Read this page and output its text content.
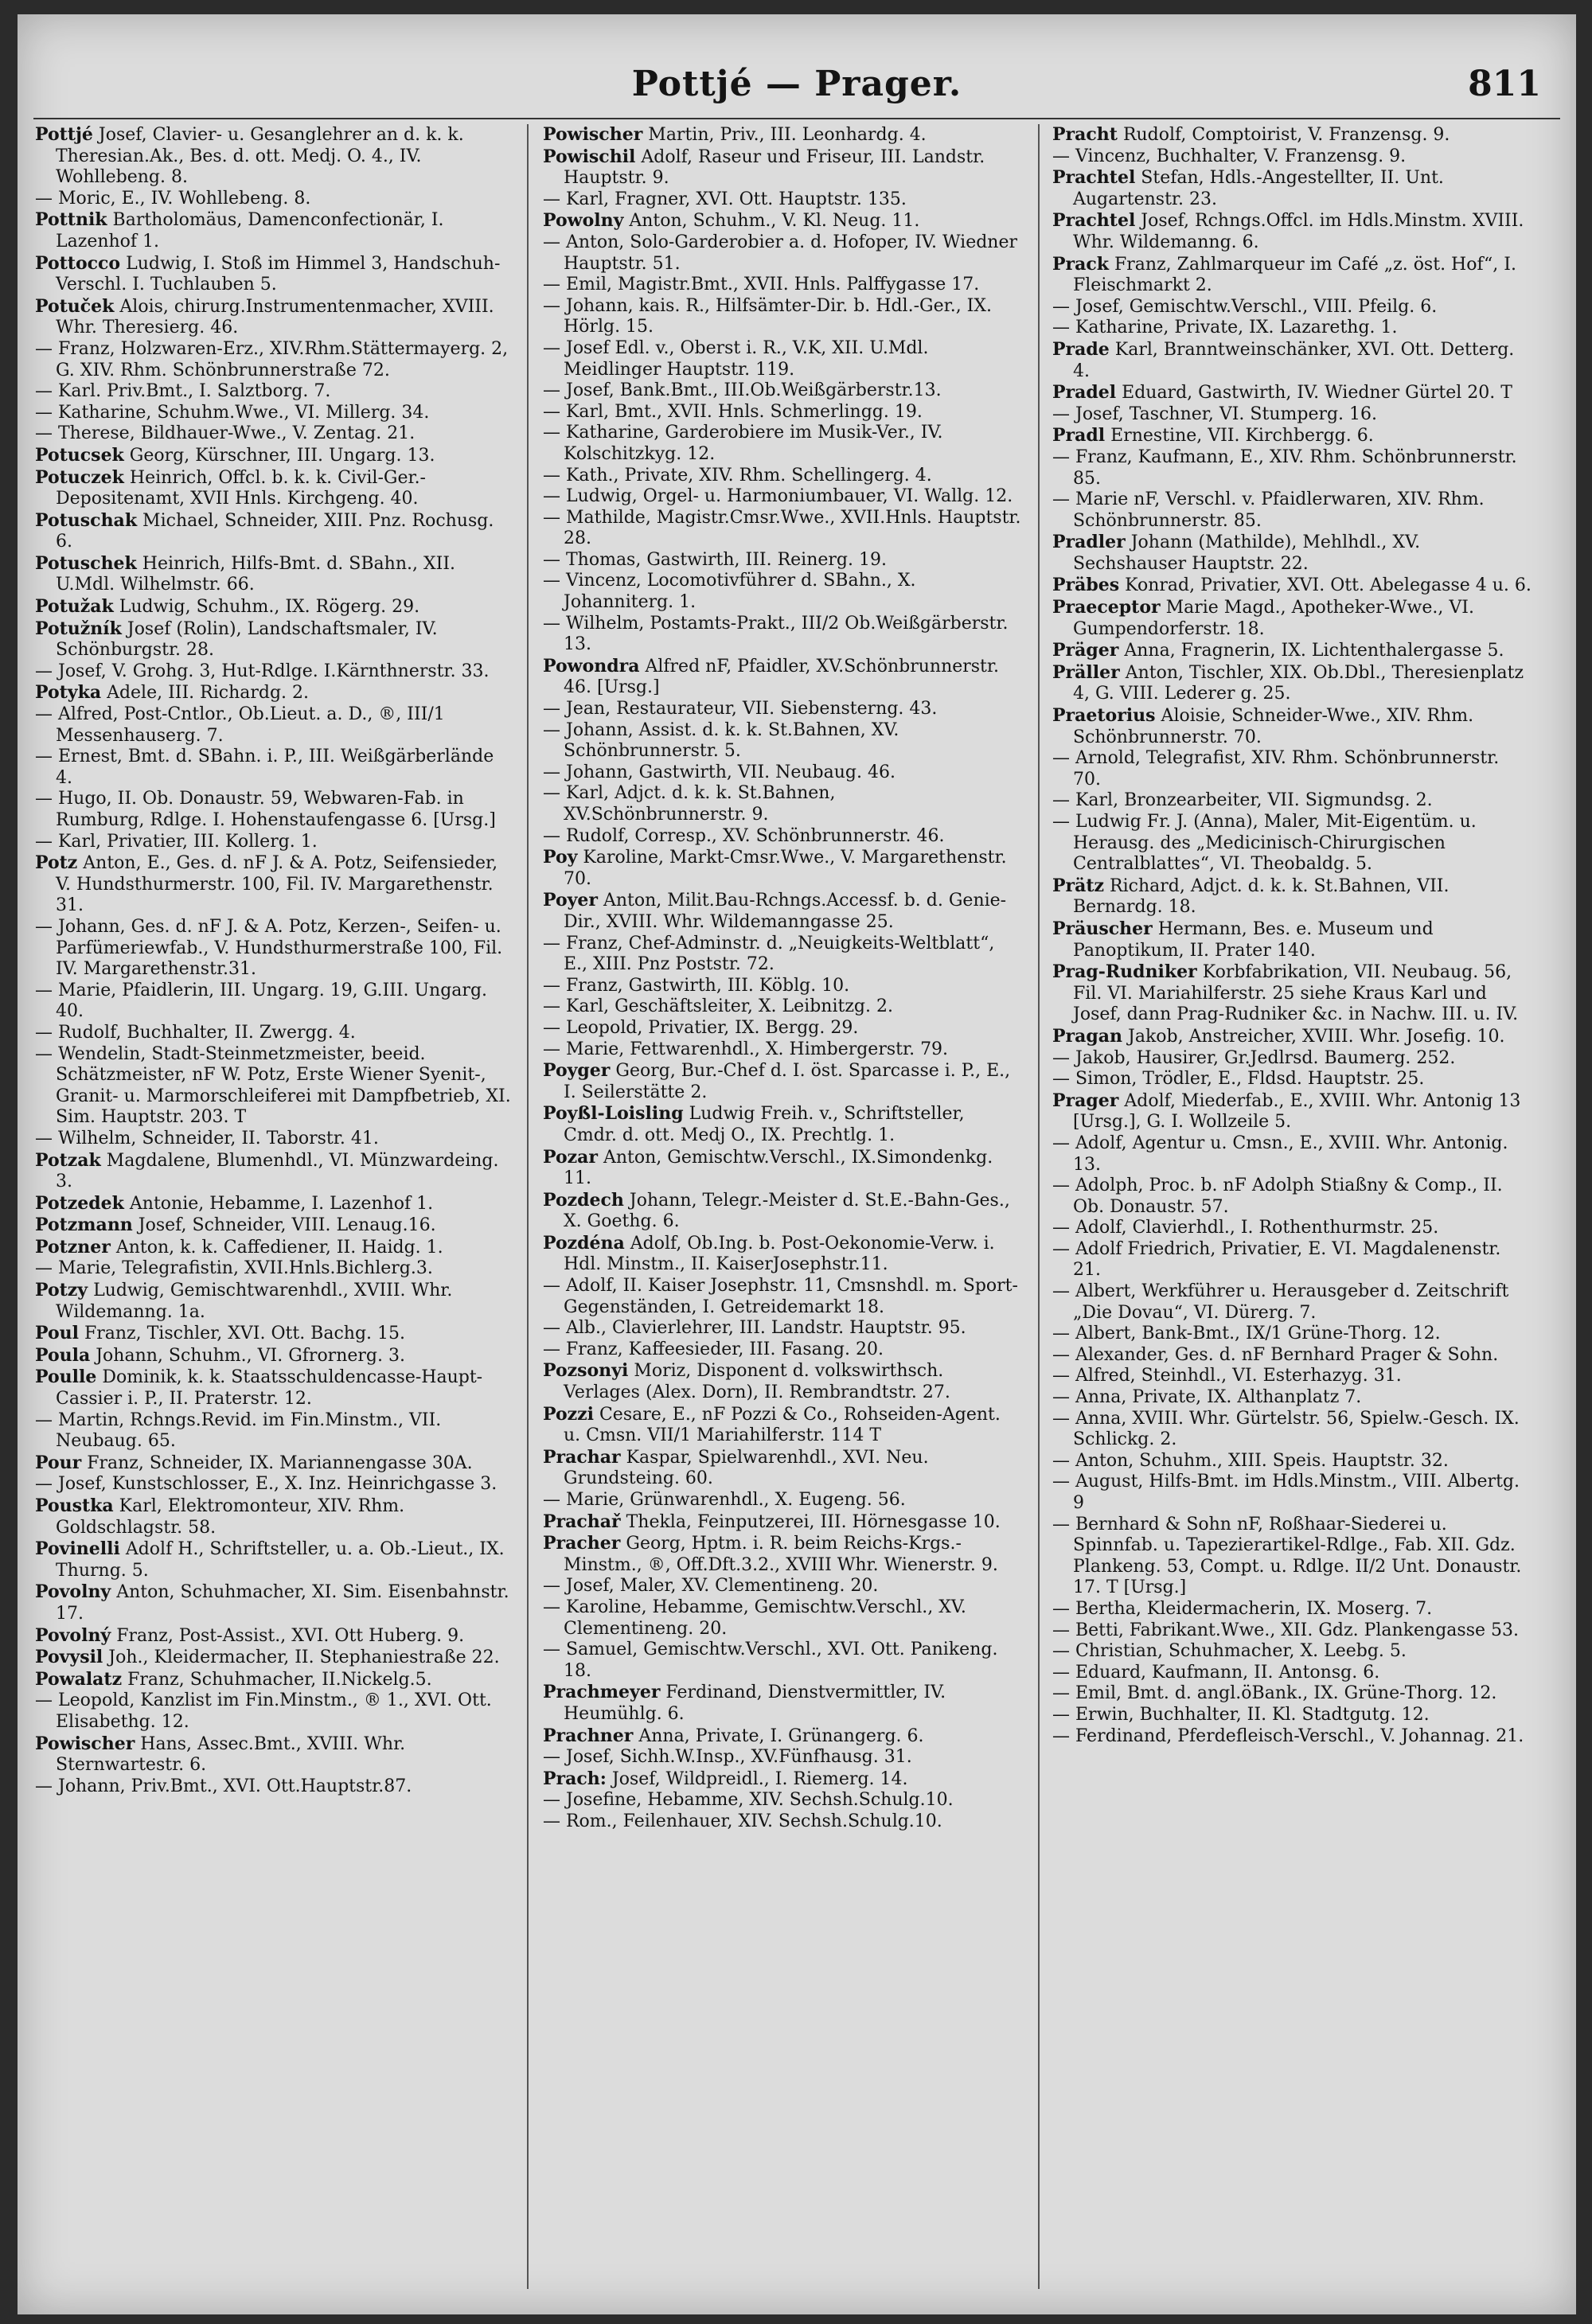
Pottjé — Prager.	811

Pottjé Josef, Clavier- u. Gesanglehrer an d. k. k. Theresian.Ak., Bes. d. ott. Medj. O. 4., IV. Wohllebeng. 8.

— Moric, E., IV. Wohllebeng. 8.

Pottnik Bartholomäus, Damenconfectionär, I. Lazenhof 1.

Pottocco Ludwig, I. Stoß im Himmel 3, Handschuh-Verschl. I. Tuchlauben 5.

Potuček Alois, chirurg.Instrumentenmacher, XVIII. Whr. Theresierg. 46.

— Franz, Holzwaren-Erz., XIV.Rhm.Stättermayerg. 2, G. XIV. Rhm. Schönbrunnerstraße 72.

— Karl. Priv.Bmt., I. Salztborg. 7.

— Katharine, Schuhm.Wwe., VI. Millerg. 34.

— Therese, Bildhauer-Wwe., V. Zentag. 21.

Potucsek Georg, Kürschner, III. Ungarg. 13.

Potuczek Heinrich, Offcl. b. k. k. Civil-Ger.-Depositenamt, XVII Hnls. Kirchgeng. 40.

Potuschak Michael, Schneider, XIII. Pnz. Rochusg. 6.

Potuschek Heinrich, Hilfs-Bmt. d. SBahn., XII. U.Mdl. Wilhelmstr. 66.

Potužak Ludwig, Schuhm., IX. Rögerg. 29.

Potužník Josef (Rolin), Landschaftsmaler, IV. Schönburgstr. 28.

— Josef, V. Grohg. 3, Hut-Rdlge. I.Kärnthnerstr. 33.

Potyka Adele, III. Richardg. 2.

— Alfred, Post-Cntlor., Ob.Lieut. a. D., ®, III/1 Messenhauserg. 7.

— Ernest, Bmt. d. SBahn. i. P., III. Weißgärberlände 4.

— Hugo, II. Ob. Donaustr. 59, Webwaren-Fab. in Rumburg, Rdlge. I. Hohenstaufengasse 6. [Ursg.]

— Karl, Privatier, III. Kollerg. 1.

Potz Anton, E., Ges. d. nF J. & A. Potz, Seifensieder, V. Hundsthurmerstr. 100, Fil. IV. Margarethenstr. 31.

— Johann, Ges. d. nF J. & A. Potz, Kerzen-, Seifen- u. Parfümeriewfab., V. Hundsthurmerstraße 100, Fil. IV. Margarethenstr.31.

— Marie, Pfaidlerin, III. Ungarg. 19, G.III. Ungarg. 40.

— Rudolf, Buchhalter, II. Zwergg. 4.

— Wendelin, Stadt-Steinmetzmeister, beeid. Schätzmeister, nF W. Potz, Erste Wiener Syenit-, Granit- u. Marmorschleiferei mit Dampfbetrieb, XI. Sim. Hauptstr. 203. T

— Wilhelm, Schneider, II. Taborstr. 41.

Potzak Magdalene, Blumenhdl., VI. Münzwardeing. 3.

Potzedek Antonie, Hebamme, I. Lazenhof 1.

Potzmann Josef, Schneider, VIII. Lenaug.16.

Potzner Anton, k. k. Caffediener, II. Haidg. 1.

— Marie, Telegrafistin, XVII.Hnls.Bichlerg.3.

Potzy Ludwig, Gemischtwarenhdl., XVIII. Whr. Wildemanng. 1a.

Poul Franz, Tischler, XVI. Ott. Bachg. 15.

Poula Johann, Schuhm., VI. Gfrornerg. 3.

Poulle Dominik, k. k. Staatsschuldencasse-Haupt-Cassier i. P., II. Praterstr. 12.

— Martin, Rchngs.Revid. im Fin.Minstm., VII. Neubaug. 65.

Pour Franz, Schneider, IX. Mariannengasse 30A.

— Josef, Kunstschlosser, E., X. Inz. Heinrichgasse 3.

Poustka Karl, Elektromonteur, XIV. Rhm. Goldschlagstr. 58.

Povinelli Adolf H., Schriftsteller, u. a. Ob.-Lieut., IX. Thurng. 5.

Povolny Anton, Schuhmacher, XI. Sim. Eisenbahnstr. 17.

Povolný Franz, Post-Assist., XVI. Ott Huberg. 9.

Povysil Joh., Kleidermacher, II. Stephaniestraße 22.

Powalatz Franz, Schuhmacher, II.Nickelg.5.

— Leopold, Kanzlist im Fin.Minstm., ® 1., XVI. Ott. Elisabethg. 12.

Powischer Hans, Assec.Bmt., XVIII. Whr. Sternwartestr. 6.

— Johann, Priv.Bmt., XVI. Ott.Hauptstr.87.

Powischer Martin, Priv., III. Leonhardg. 4.

Powischil Adolf, Raseur und Friseur, III. Landstr. Hauptstr. 9.

— Karl, Fragner, XVI. Ott. Hauptstr. 135.

Powolny Anton, Schuhm., V. Kl. Neug. 11.

— Anton, Solo-Garderobier a. d. Hofoper, IV. Wiedner Hauptstr. 51.

— Emil, Magistr.Bmt., XVII. Hnls. Palffygasse 17.

— Johann, kais. R., Hilfsämter-Dir. b. Hdl.-Ger., IX. Hörlg. 15.

— Josef Edl. v., Oberst i. R., V.K, XII. U.Mdl. Meidlinger Hauptstr. 119.

— Josef, Bank.Bmt., III.Ob.Weißgärberstr.13.

— Karl, Bmt., XVII. Hnls. Schmerlingg. 19.

— Katharine, Garderobiere im Musik-Ver., IV. Kolschitzkyg. 12.

— Kath., Private, XIV. Rhm. Schellingerg. 4.

— Ludwig, Orgel- u. Harmoniumbauer, VI. Wallg. 12.

— Mathilde, Magistr.Cmsr.Wwe., XVII.Hnls. Hauptstr. 28.

— Thomas, Gastwirth, III. Reinerg. 19.

— Vincenz, Locomotivführer d. SBahn., X. Johanniterg. 1.

— Wilhelm, Postamts-Prakt., III/2 Ob.Weißgärberstr. 13.

Powondra Alfred nF, Pfaidler, XV.Schönbrunnerstr. 46. [Ursg.]

— Jean, Restaurateur, VII. Siebensterng. 43.

— Johann, Assist. d. k. k. St.Bahnen, XV. Schönbrunnerstr. 5.

— Johann, Gastwirth, VII. Neubaug. 46.

— Karl, Adjct. d. k. k. St.Bahnen, XV.Schönbrunnerstr. 9.

— Rudolf, Corresp., XV. Schönbrunnerstr. 46.

Poy Karoline, Markt-Cmsr.Wwe., V. Margarethenstr. 70.

Poyer Anton, Milit.Bau-Rchngs.Accessf. b. d. Genie-Dir., XVIII. Whr. Wildemanngasse 25.

— Franz, Chef-Adminstr. d. „Neuigkeits-Weltblatt“, E., XIII. Pnz Poststr. 72.

— Franz, Gastwirth, III. Köblg. 10.

— Karl, Geschäftsleiter, X. Leibnitzg. 2.

— Leopold, Privatier, IX. Bergg. 29.

— Marie, Fettwarenhdl., X. Himbergerstr. 79.

Poyger Georg, Bur.-Chef d. I. öst. Sparcasse i. P., E., I. Seilerstätte 2.

Poyßl-Loisling Ludwig Freih. v., Schriftsteller, Cmdr. d. ott. Medj O., IX. Prechtlg. 1.

Pozar Anton, Gemischtw.Verschl., IX.Simondenkg. 11.

Pozdech Johann, Telegr.-Meister d. St.E.-Bahn-Ges., X. Goethg. 6.

Pozdéna Adolf, Ob.Ing. b. Post-Oekonomie-Verw. i. Hdl. Minstm., II. KaiserJosephstr.11.

— Adolf, II. Kaiser Josephstr. 11, Cmsnshdl. m. Sport-Gegenständen, I. Getreidemarkt 18.

— Alb., Clavierlehrer, III. Landstr. Hauptstr. 95.

— Franz, Kaffeesieder, III. Fasang. 20.

Pozsonyi Moriz, Disponent d. volkswirthsch. Verlages (Alex. Dorn), II. Rembrandtstr. 27.

Pozzi Cesare, E., nF Pozzi & Co., Rohseiden-Agent. u. Cmsn. VII/1 Mariahilferstr. 114 T

Prachar Kaspar, Spielwarenhdl., XVI. Neu. Grundsteing. 60.

— Marie, Grünwarenhdl., X. Eugeng. 56.

Prachař Thekla, Feinputzerei, III. Hörnesgasse 10.

Pracher Georg, Hptm. i. R. beim Reichs-Krgs.-Minstm., ®, Off.Dft.3.2., XVIII Whr. Wienerstr. 9.

— Josef, Maler, XV. Clementineng. 20.

— Karoline, Hebamme, Gemischtw.Verschl., XV. Clementineng. 20.

— Samuel, Gemischtw.Verschl., XVI. Ott. Panikeng. 18.

Prachmeyer Ferdinand, Dienstvermittler, IV. Heumühlg. 6.

Prachner Anna, Private, I. Grünangerg. 6.

— Josef, Sichh.W.Insp., XV.Fünfhausg. 31.

Prach: Josef, Wildpreidl., I. Riemerg. 14.

— Josefine, Hebamme, XIV. Sechsh.Schulg.10.

— Rom., Feilenhauer, XIV. Sechsh.Schulg.10.

Pracht Rudolf, Comptoirist, V. Franzensg. 9.

— Vincenz, Buchhalter, V. Franzensg. 9.

Prachtel Stefan, Hdls.-Angestellter, II. Unt. Augartenstr. 23.

Prachtel Josef, Rchngs.Offcl. im Hdls.Minstm. XVIII. Whr. Wildemanng. 6.

Prack Franz, Zahlmarqueur im Café „z. öst. Hof“, I. Fleischmarkt 2.

— Josef, Gemischtw.Verschl., VIII. Pfeilg. 6.

— Katharine, Private, IX. Lazarethg. 1.

Prade Karl, Branntweinschänker, XVI. Ott. Detterg. 4.

Pradel Eduard, Gastwirth, IV. Wiedner Gürtel 20. T

— Josef, Taschner, VI. Stumperg. 16.

Pradl Ernestine, VII. Kirchbergg. 6.

— Franz, Kaufmann, E., XIV. Rhm. Schönbrunnerstr. 85.

— Marie nF, Verschl. v. Pfaidlerwaren, XIV. Rhm. Schönbrunnerstr. 85.

Pradler Johann (Mathilde), Mehlhdl., XV. Sechshauser Hauptstr. 22.

Präbes Konrad, Privatier, XVI. Ott. Abelegasse 4 u. 6.

Praeceptor Marie Magd., Apotheker-Wwe., VI. Gumpendorferstr. 18.

Präger Anna, Fragnerin, IX. Lichtenthalergasse 5.

Präller Anton, Tischler, XIX. Ob.Dbl., Theresienplatz 4, G. VIII. Lederer g. 25.

Praetorius Aloisie, Schneider-Wwe., XIV. Rhm. Schönbrunnerstr. 70.

— Arnold, Telegrafist, XIV. Rhm. Schönbrunnerstr. 70.

— Karl, Bronzearbeiter, VII. Sigmundsg. 2.

— Ludwig Fr. J. (Anna), Maler, Mit-Eigentüm. u. Herausg. des „Medicinisch-Chirurgischen Centralblattes“, VI. Theobaldg. 5.

Prätz Richard, Adjct. d. k. k. St.Bahnen, VII. Bernardg. 18.

Präuscher Hermann, Bes. e. Museum und Panoptikum, II. Prater 140.

Prag-Rudniker Korbfabrikation, VII. Neubaug. 56, Fil. VI. Mariahilferstr. 25 siehe Kraus Karl und Josef, dann Prag-Rudniker &c. in Nachw. III. u. IV.

Pragan Jakob, Anstreicher, XVIII. Whr. Josefig. 10.

— Jakob, Hausirer, Gr.Jedlrsd. Baumerg. 252.

— Simon, Trödler, E., Fldsd. Hauptstr. 25.

Prager Adolf, Miederfab., E., XVIII. Whr. Antonig 13 [Ursg.], G. I. Wollzeile 5.

— Adolf, Agentur u. Cmsn., E., XVIII. Whr. Antonig. 13.

— Adolph, Proc. b. nF Adolph Stiaßny & Comp., II. Ob. Donaustr. 57.

— Adolf, Clavierhdl., I. Rothenthurmstr. 25.

— Adolf Friedrich, Privatier, E. VI. Magdalenenstr. 21.

— Albert, Werkführer u. Herausgeber d. Zeitschrift „Die Dovau“, VI. Dürerg. 7.

— Albert, Bank-Bmt., IX/1 Grüne-Thorg. 12.

— Alexander, Ges. d. nF Bernhard Prager & Sohn.

— Alfred, Steinhdl., VI. Esterhazyg. 31.

— Anna, Private, IX. Althanplatz 7.

— Anna, XVIII. Whr. Gürtelstr. 56, Spielw.-Gesch. IX. Schlickg. 2.

— Anton, Schuhm., XIII. Speis. Hauptstr. 32.

— August, Hilfs-Bmt. im Hdls.Minstm., VIII. Albertg. 9

— Bernhard & Sohn nF, Roßhaar-Siederei u. Spinnfab. u. Tapezierartikel-Rdlge., Fab. XII. Gdz. Plankeng. 53, Compt. u. Rdlge. II/2 Unt. Donaustr. 17. T [Ursg.]

— Bertha, Kleidermacherin, IX. Moserg. 7.

— Betti, Fabrikant.Wwe., XII. Gdz. Plankengasse 53.

— Christian, Schuhmacher, X. Leebg. 5.

— Eduard, Kaufmann, II. Antonsg. 6.

— Emil, Bmt. d. angl.öBank., IX. Grüne-Thorg. 12.

— Erwin, Buchhalter, II. Kl. Stadtgutg. 12.

— Ferdinand, Pferdefleisch-Verschl., V. Johannag. 21.
